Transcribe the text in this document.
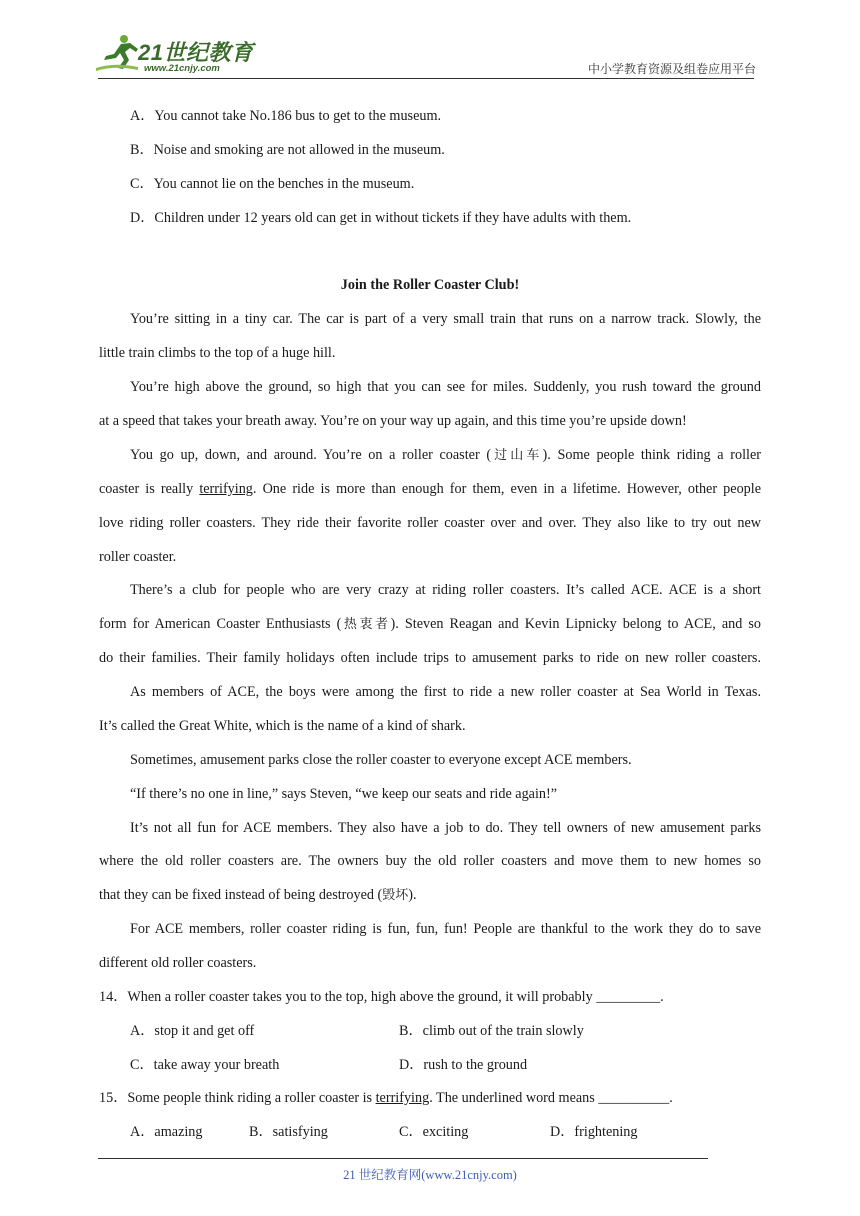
21世纪教育
www.21cnjy.com	中小学教育资源及组卷应用平台
A．You cannot take No.186 bus to get to the museum.
B．Noise and smoking are not allowed in the museum.
C．You cannot lie on the benches in the museum.
D．Children under 12 years old can get in without tickets if they have adults with them.
Join the Roller Coaster Club!
You’re sitting in a tiny car. The car is part of a very small train that runs on a narrow track. Slowly, the
little train climbs to the top of a huge hill.
You’re high above the ground, so high that you can see for miles. Suddenly, you rush toward the ground
at a speed that takes your breath away. You’re on your way up again, and this time you’re upside down!
You go up, down, and around. You’re on a roller coaster (过山车). Some people think riding a roller
coaster is really terrifying. One ride is more than enough for them, even in a lifetime. However, other people
love riding roller coasters. They ride their favorite roller coaster over and over. They also like to try out new
roller coaster.
There’s a club for people who are very crazy at riding roller coasters. It’s called ACE. ACE is a short
form for American Coaster Enthusiasts (热衷者). Steven Reagan and Kevin Lipnicky belong to ACE, and so
do their families. Their family holidays often include trips to amusement parks to ride on new roller coasters.
As members of ACE, the boys were among the first to ride a new roller coaster at Sea World in Texas.
It’s called the Great White, which is the name of a kind of shark.
Sometimes, amusement parks close the roller coaster to everyone except ACE members.
“If there’s no one in line,” says Steven, “we keep our seats and ride again!”
It’s not all fun for ACE members. They also have a job to do. They tell owners of new amusement parks
where the old roller coasters are. The owners buy the old roller coasters and move them to new homes so
that they can be fixed instead of being destroyed (毁坏).
For ACE members, roller coaster riding is fun, fun, fun! People are thankful to the work they do to save
different old roller coasters.
14．When a roller coaster takes you to the top, high above the ground, it will probably _________.
A．stop it and get off	B．climb out of the train slowly
C．take away your breath	D．rush to the ground
15．Some people think riding a roller coaster is terrifying. The underlined word means __________.
A．amazing	B．satisfying	C．exciting	D．frightening
21 世纪教育网(www.21cnjy.com)
